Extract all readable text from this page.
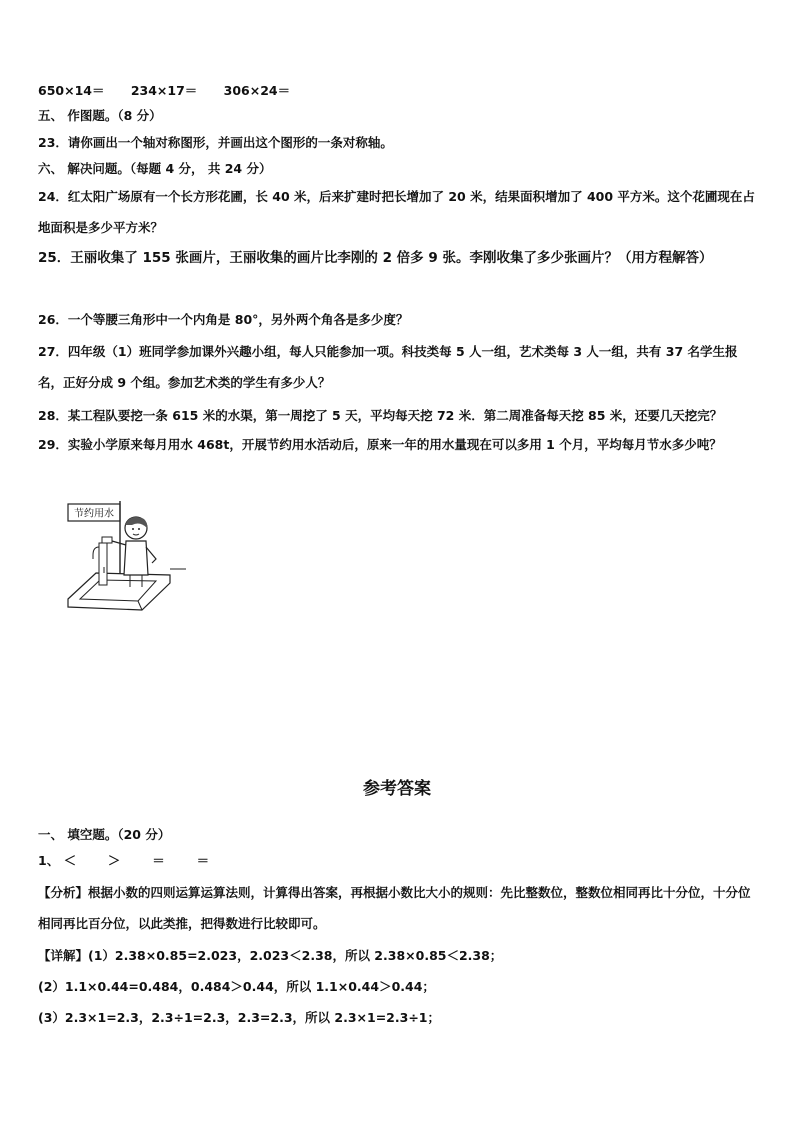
650×14＝ 234×17＝ 306×24＝
五、 作图题。（8 分）
23．请你画出一个轴对称图形，并画出这个图形的一条对称轴。
六、 解决问题。（每题 4 分， 共 24 分）
24．红太阳广场原有一个长方形花圃，长 40 米，后来扩建时把长增加了 20 米，结果面积增加了 400 平方米。这个花圃现在占地面积是多少平方米？
25．王丽收集了 155 张画片，王丽收集的画片比李刚的 2 倍多 9 张。李刚收集了多少张画片？（用方程解答）
26．一个等腰三角形中一个内角是 80°，另外两个角各是多少度？
27．四年级（1）班同学参加课外兴趣小组，每人只能参加一项。科技类每 5 人一组，艺术类每 3 人一组，共有 37 名学生报名，正好分成 9 个组。参加艺术类的学生有多少人？
28．某工程队要挖一条 615 米的水渠，第一周挖了 5 天，平均每天挖 72 米．第二周准备每天挖 85 米，还要几天挖完？
29．实验小学原来每月用水 468t，开展节约用水活动后，原来一年的用水量现在可以多用 1 个月，平均每月节水多少吨？
节约用水
参考答案
一、 填空题。（20 分）
1、 ＜	＞	＝	＝
【分析】根据小数的四则运算运算法则，计算得出答案，再根据小数比大小的规则：先比整数位，整数位相同再比十分位，十分位相同再比百分位，以此类推，把得数进行比较即可。
【详解】(1）2.38×0.85=2.023，2.023＜2.38，所以 2.38×0.85＜2.38；
(2）1.1×0.44=0.484，0.484＞0.44，所以 1.1×0.44＞0.44；
(3）2.3×1=2.3，2.3÷1=2.3，2.3=2.3，所以 2.3×1=2.3÷1；
